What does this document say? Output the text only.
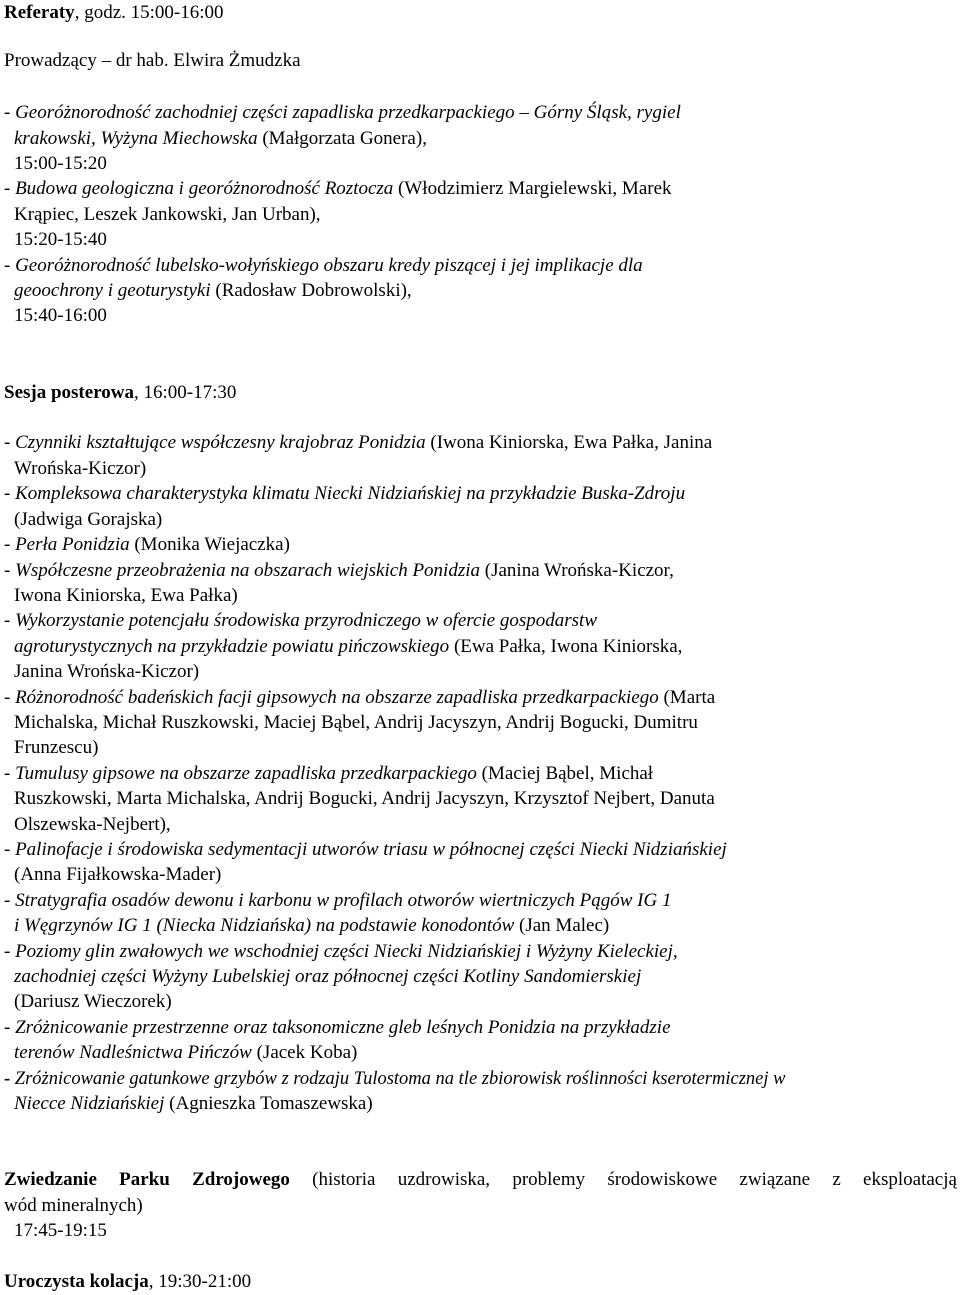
Referaty, godz. 15:00-16:00
Prowadzący – dr hab. Elwira Żmudzka
- Georóżnorodność zachodniej części zapadliska przedkarpackiego – Górny Śląsk, rygiel
krakowski, Wyżyna Miechowska (Małgorzata Gonera),
15:00-15:20
- Budowa geologiczna i georóżnorodność Roztocza (Włodzimierz Margielewski, Marek
Krąpiec, Leszek Jankowski, Jan Urban),
15:20-15:40
- Georóżnorodność lubelsko-wołyńskiego obszaru kredy piszącej i jej implikacje dla
geoochrony i geoturystyki (Radosław Dobrowolski),
15:40-16:00
Sesja posterowa, 16:00-17:30
- Czynniki kształtujące współczesny krajobraz Ponidzia (Iwona Kiniorska, Ewa Pałka, Janina
Wrońska-Kiczor)
- Kompleksowa charakterystyka klimatu Niecki Nidziańskiej na przykładzie Buska-Zdroju
(Jadwiga Gorajska)
- Perła Ponidzia (Monika Wiejaczka)
- Współczesne przeobrażenia na obszarach wiejskich Ponidzia (Janina Wrońska-Kiczor,
Iwona Kiniorska, Ewa Pałka)
- Wykorzystanie potencjału środowiska przyrodniczego w ofercie gospodarstw
agroturystycznych na przykładzie powiatu pińczowskiego (Ewa Pałka, Iwona Kiniorska,
Janina Wrońska-Kiczor)
- Różnorodność badeńskich facji gipsowych na obszarze zapadliska przedkarpackiego (Marta
Michalska, Michał Ruszkowski, Maciej Bąbel, Andrij Jacyszyn, Andrij Bogucki, Dumitru
Frunzescu)
- Tumulusy gipsowe na obszarze zapadliska przedkarpackiego (Maciej Bąbel, Michał
Ruszkowski, Marta Michalska, Andrij Bogucki, Andrij Jacyszyn, Krzysztof Nejbert, Danuta
Olszewska-Nejbert),
- Palinofacje i środowiska sedymentacji utworów triasu w północnej części Niecki Nidziańskiej
(Anna Fijałkowska-Mader)
- Stratygrafia osadów dewonu i karbonu w profilach otworów wiertniczych Pągów IG 1
i Węgrzynów IG 1 (Niecka Nidziańska) na podstawie konodontów (Jan Malec)
- Poziomy glin zwałowych we wschodniej części Niecki Nidziańskiej i Wyżyny Kieleckiej,
zachodniej części Wyżyny Lubelskiej oraz północnej części Kotliny Sandomierskiej
(Dariusz Wieczorek)
- Zróżnicowanie przestrzenne oraz taksonomiczne gleb leśnych Ponidzia na przykładzie
terenów Nadleśnictwa Pińczów (Jacek Koba)
- Zróżnicowanie gatunkowe grzybów z rodzaju Tulostoma na tle zbiorowisk roślinności kserotermicznej w
Niecce Nidziańskiej (Agnieszka Tomaszewska)
Zwiedzanie Parku Zdrojowego (historia uzdrowiska, problemy środowiskowe związane z eksploatacją
wód mineralnych)
17:45-19:15
Uroczysta kolacja, 19:30-21:00
